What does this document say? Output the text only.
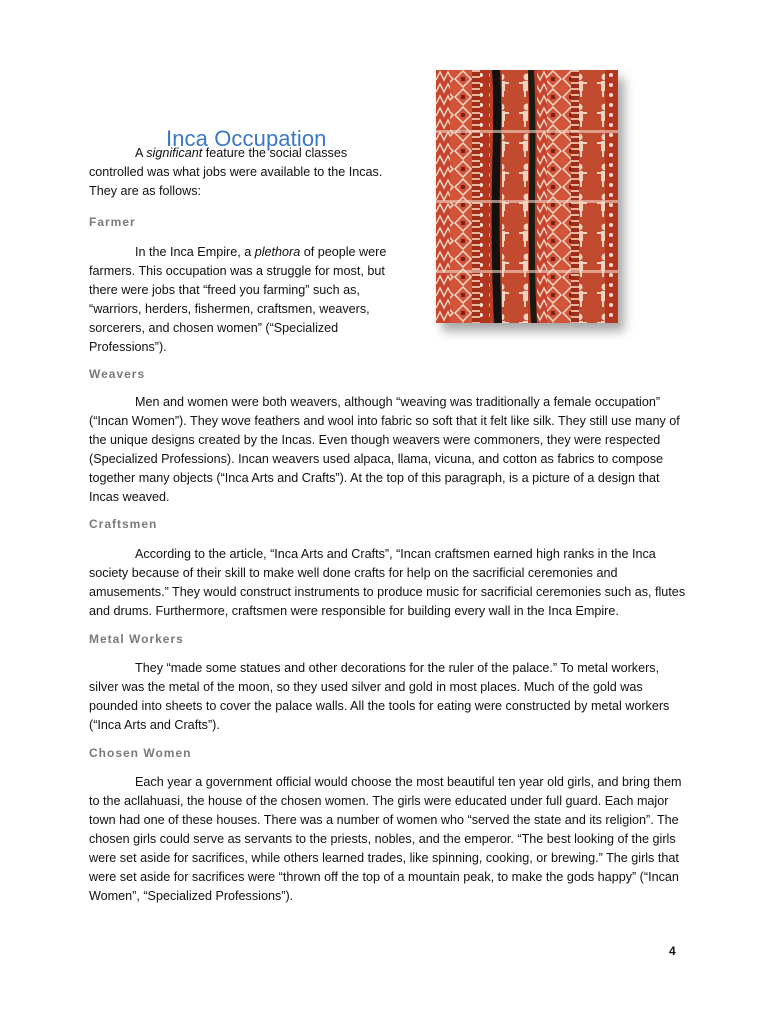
Inca Occupation

A significant feature the social classes controlled was what jobs were available to the Incas. They are as follows:

Farmer

In the Inca Empire, a plethora of people were farmers. This occupation was a struggle for most, but there were jobs that “freed you farming” such as, “warriors, herders, fishermen, craftsmen, weavers, sorcerers, and chosen women” (“Specialized Professions”).

Weavers

Men and women were both weavers, although “weaving was traditionally a female occupation” (“Incan Women”). They wove feathers and wool into fabric so soft that it felt like silk. They still use many of the unique designs created by the Incas. Even though weavers were commoners, they were respected (Specialized Professions). Incan weavers used alpaca, llama, vicuna, and cotton as fabrics to compose together many objects (“Inca Arts and Crafts”). At the top of this paragraph, is a picture of a design that Incas weaved.

Craftsmen

According to the article, “Inca Arts and Crafts”, “Incan craftsmen earned high ranks in the Inca society because of their skill to make well done crafts for help on the sacrificial ceremonies and amusements.” They would construct instruments to produce music for sacrificial ceremonies such as, flutes and drums. Furthermore, craftsmen were responsible for building every wall in the Inca Empire.

Metal Workers

They “made some statues and other decorations for the ruler of the palace.” To metal workers, silver was the metal of the moon, so they used silver and gold in most places. Much of the gold was pounded into sheets to cover the palace walls. All the tools for eating were constructed by metal workers (“Inca Arts and Crafts”).

Chosen Women

Each year a government official would choose the most beautiful ten year old girls, and bring them to the acllahuasi, the house of the chosen women. The girls were educated under full guard. Each major town had one of these houses. There was a number of women who “served the state and its religion”. The chosen girls could serve as servants to the priests, nobles, and the emperor. “The best looking of the girls were set aside for sacrifices, while others learned trades, like spinning, cooking, or brewing.” The girls that were set aside for sacrifices were “thrown off the top of a mountain peak, to make the gods happy” (“Incan Women”, “Specialized Professions”).

4
